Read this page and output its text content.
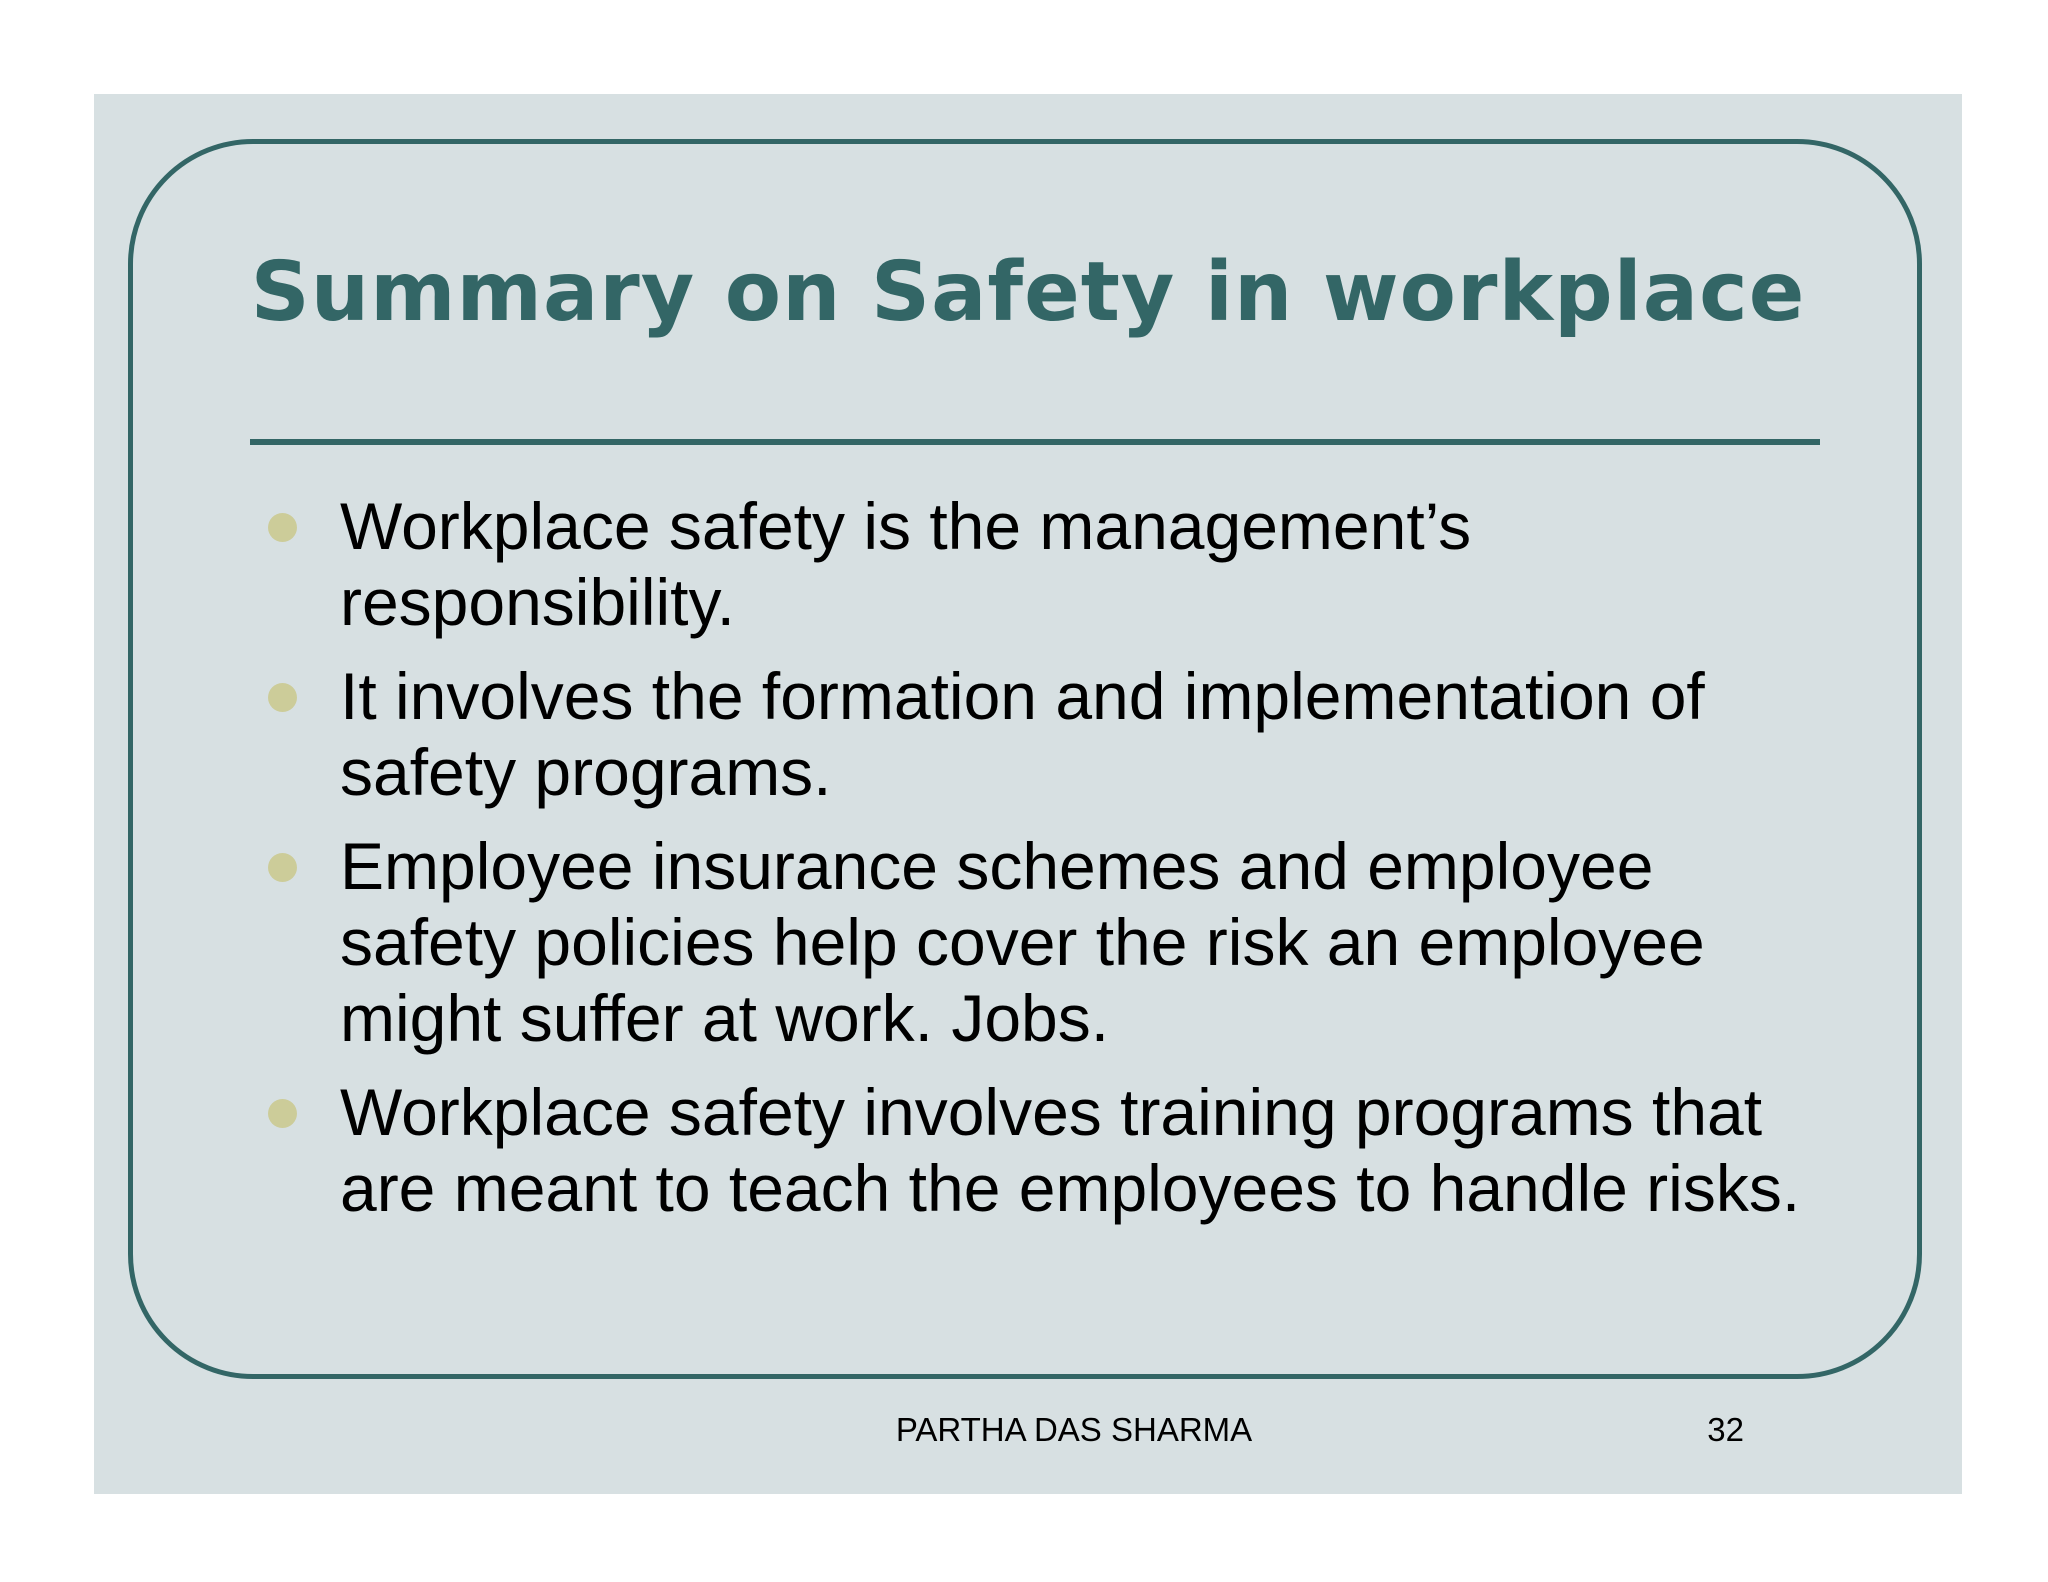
Summary on Safety in workplace
Workplace safety is the management’s responsibility.
It involves the formation and implementation of safety programs.
Employee insurance schemes and employee safety policies help cover the risk an employee might suffer at work. Jobs.
Workplace safety involves training programs that are meant to teach the employees to handle risks.
PARTHA DAS SHARMA	32
